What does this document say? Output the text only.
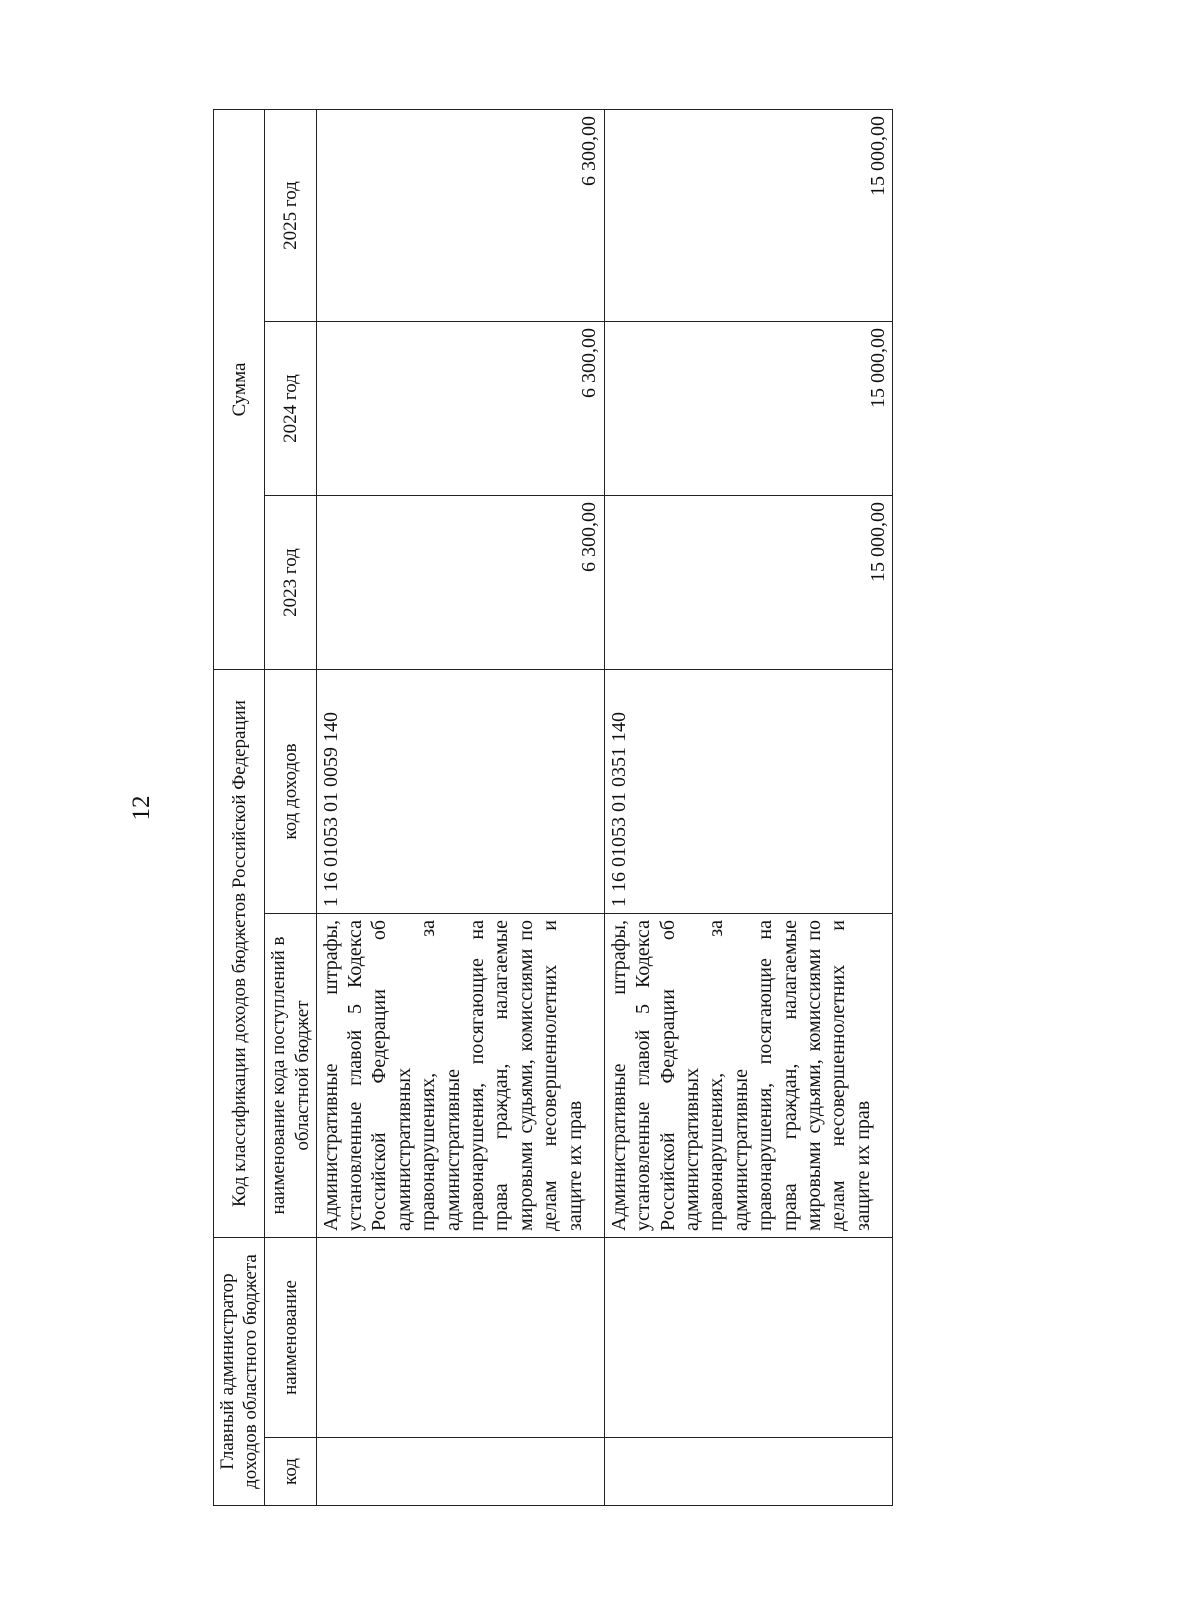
12
Главный администратор доходов областного бюджета		Код классификации доходов бюджетов Российской Федерации		Сумма		
код	наименование	наименование кода поступлений в областной бюджет	код доходов	2023 год	2024 год	2025 год
		Административные штрафы, установленные главой 5 Кодекса Российской Федерации об административных правонарушениях, за административные правонарушения, посягающие на права граждан, налагаемые мировыми судьями, комиссиями по делам несовершеннолетних и защите их прав	1 16 01053 01 0059 140	6 300,00	6 300,00	6 300,00
		Административные штрафы, установленные главой 5 Кодекса Российской Федерации об административных правонарушениях, за административные правонарушения, посягающие на права граждан, налагаемые мировыми судьями, комиссиями по делам несовершеннолетних и защите их прав	1 16 01053 01 0351 140	15 000,00	15 000,00	15 000,00
